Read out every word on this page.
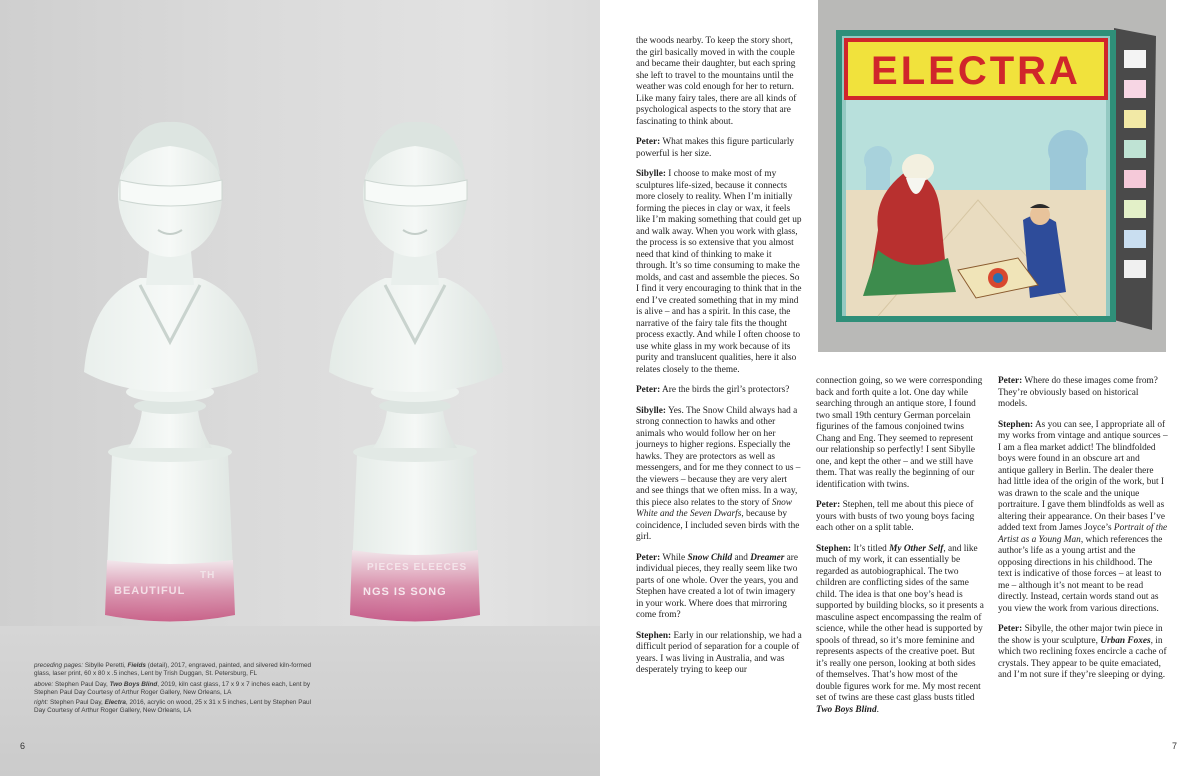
BEAUTIFUL
TH
PIECES ELEECES
NGS IS SONG
preceding pages: Sibylle Peretti, Fields (detail), 2017, engraved, painted, and silvered kiln-formed glass, laser print, 60 x 80 x .5 inches, Lent by Trish Duggan, St. Petersburg, FL
above: Stephen Paul Day, Two Boys Blind, 2019, kiln cast glass, 17 x 9 x 7 inches each, Lent by Stephen Paul Day Courtesy of Arthur Roger Gallery, New Orleans, LA
right: Stephen Paul Day, Electra, 2016, acrylic on wood, 25 x 31 x 5 inches, Lent by Stephen Paul Day Courtesy of Arthur Roger Gallery, New Orleans, LA
6
ELECTRA

the woods nearby. To keep the story short, the girl basically moved in with the couple and became their daughter, but each spring she left to travel to the mountains until the weather was cold enough for her to return. Like many fairy tales, there are all kinds of psychological aspects to the story that are fascinating to think about.

Peter: What makes this figure particularly powerful is her size.

Sibylle: I choose to make most of my sculptures life-sized, because it connects more closely to reality. When I’m initially forming the pieces in clay or wax, it feels like I’m making something that could get up and walk away. When you work with glass, the process is so extensive that you almost need that kind of thinking to make it through. It’s so time consuming to make the molds, and cast and assemble the pieces. So I find it very encouraging to think that in the end I’ve created something that in my mind is alive – and has a spirit. In this case, the narrative of the fairy tale fits the thought process exactly. And while I often choose to use white glass in my work because of its purity and translucent qualities, here it also relates closely to the theme.

Peter: Are the birds the girl’s protectors?

Sibylle: Yes. The Snow Child always had a strong connection to hawks and other animals who would follow her on her journeys to higher regions. Especially the hawks. They are protectors as well as messengers, and for me they connect to us – the viewers – because they are very alert and see things that we often miss. In a way, this piece also relates to the story of Snow White and the Seven Dwarfs, because by coincidence, I included seven birds with the girl.

Peter: While Snow Child and Dreamer are individual pieces, they really seem like two parts of one whole. Over the years, you and Stephen have created a lot of twin imagery in your work. Where does that mirroring come from?

Stephen: Early in our relationship, we had a difficult period of separation for a couple of years. I was living in Australia, and was desperately trying to keep our

connection going, so we were corresponding back and forth quite a lot. One day while searching through an antique store, I found two small 19th century German porcelain figurines of the famous conjoined twins Chang and Eng. They seemed to represent our relationship so perfectly! I sent Sibylle one, and kept the other – and we still have them. That was really the beginning of our identification with twins.

Peter: Stephen, tell me about this piece of yours with busts of two young boys facing each other on a split table.

Stephen: It’s titled My Other Self, and like much of my work, it can essentially be regarded as autobiographical. The two children are conflicting sides of the same child. The idea is that one boy’s head is supported by building blocks, so it presents a masculine aspect encompassing the realm of science, while the other head is supported by spools of thread, so it’s more feminine and represents aspects of the creative poet. But it’s really one person, looking at both sides of themselves. That’s how most of the double figures work for me. My most recent set of twins are these cast glass busts titled Two Boys Blind.

Peter: Where do these images come from? They’re obviously based on historical models.

Stephen: As you can see, I appropriate all of my works from vintage and antique sources – I am a flea market addict! The blindfolded boys were found in an obscure art and antique gallery in Berlin. The dealer there had little idea of the origin of the work, but I was drawn to the scale and the unique portraiture. I gave them blindfolds as well as altering their appearance. On their bases I’ve added text from James Joyce’s Portrait of the Artist as a Young Man, which references the author’s life as a young artist and the opposing directions in his childhood. The text is indicative of those forces – at least to me – although it’s not meant to be read directly. Instead, certain words stand out as you view the work from various directions.

Peter: Sibylle, the other major twin piece in the show is your sculpture, Urban Foxes, in which two reclining foxes encircle a cache of crystals. They appear to be quite emaciated, and I’m not sure if they’re sleeping or dying.

7
